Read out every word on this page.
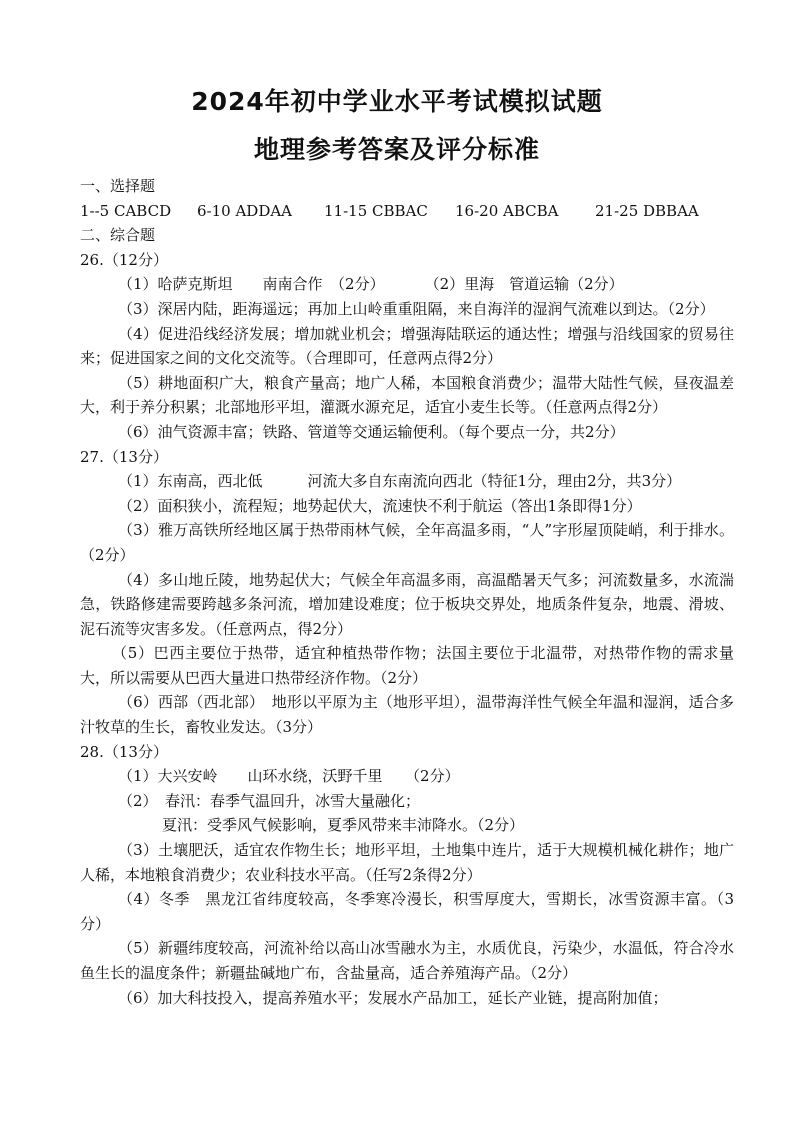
2024年初中学业水平考试模拟试题
地理参考答案及评分标准
一、选择题
1--5 CABCD 6-10 ADDAA 11-15 CBBAC 16-20 ABCBA 21-25 DBBAA
二、综合题
26.（12分）
（1）哈萨克斯坦　　南南合作　（2分）	（2）里海　管道运输（2分）
（3）深居内陆，距海遥远；再加上山岭重重阻隔，来自海洋的湿润气流难以到达。（2分）
（4）促进沿线经济发展；增加就业机会；增强海陆联运的通达性；增强与沿线国家的贸易往来；促进国家之间的文化交流等。（合理即可，任意两点得2分）
（5）耕地面积广大，粮食产量高；地广人稀，本国粮食消费少；温带大陆性气候，昼夜温差大，利于养分积累；北部地形平坦，灌溉水源充足，适宜小麦生长等。（任意两点得2分）
（6）油气资源丰富；铁路、管道等交通运输便利。（每个要点一分，共2分）
27.（13分）
（1）东南高，西北低　　　河流大多自东南流向西北（特征1分，理由2分，共3分）
（2）面积狭小，流程短；地势起伏大，流速快不利于航运（答出1条即得1分）
（3）雅万高铁所经地区属于热带雨林气候，全年高温多雨，“人”字形屋顶陡峭，利于排水。（2分）
（4）多山地丘陵，地势起伏大；气候全年高温多雨，高温酷暑天气多；河流数量多，水流湍急，铁路修建需要跨越多条河流，增加建设难度；位于板块交界处，地质条件复杂，地震、滑坡、泥石流等灾害多发。（任意两点，得2分）
（5）巴西主要位于热带，适宜种植热带作物；法国主要位于北温带，对热带作物的需求量大，所以需要从巴西大量进口热带经济作物。（2分）
（6）西部（西北部）　地形以平原为主（地形平坦），温带海洋性气候全年温和湿润，适合多汁牧草的生长，畜牧业发达。（3分）
28.（13分）
（1）大兴安岭　　山环水绕，沃野千里　　（2分）
（2）　春汛：春季气温回升，冰雪大量融化；
夏汛：受季风气候影响，夏季风带来丰沛降水。（2分）
（3）土壤肥沃，适宜农作物生长；地形平坦，土地集中连片，适于大规模机械化耕作；地广人稀，本地粮食消费少；农业科技水平高。（任写2条得2分）
（4）冬季　黑龙江省纬度较高，冬季寒冷漫长，积雪厚度大，雪期长，冰雪资源丰富。（3分）
（5）新疆纬度较高，河流补给以高山冰雪融水为主，水质优良，污染少，水温低，符合冷水鱼生长的温度条件；新疆盐碱地广布，含盐量高，适合养殖海产品。（2分）
（6）加大科技投入，提高养殖水平；发展水产品加工，延长产业链，提高附加值；
